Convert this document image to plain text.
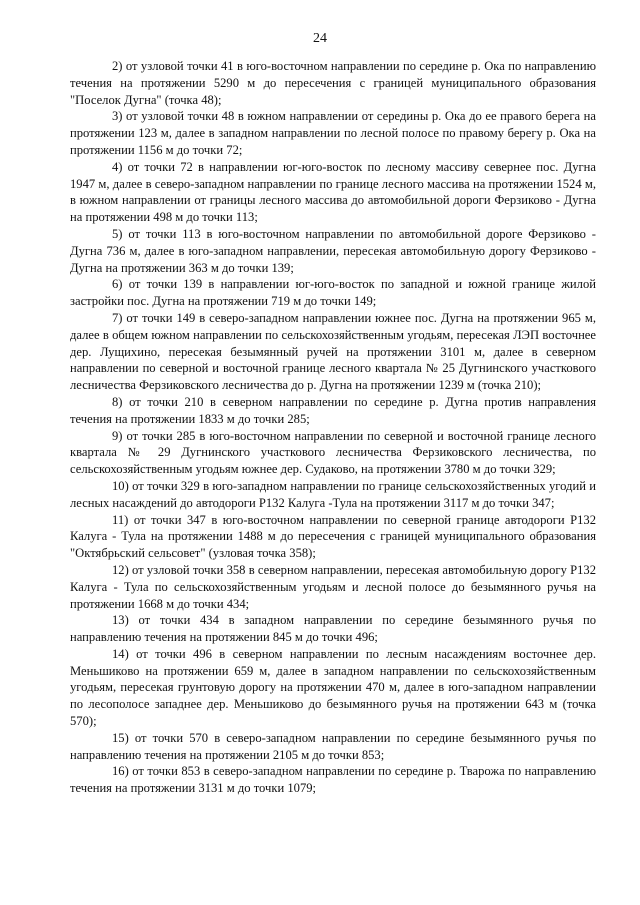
24

2) от узловой точки 41 в юго-восточном направлении по середине р. Ока по направлению течения на протяжении 5290 м до пересечения с границей муниципального образования "Поселок Дугна" (точка 48);

3) от узловой точки 48 в южном направлении от середины р. Ока до ее правого берега на протяжении 123 м, далее в западном направлении по лесной полосе по правому берегу р. Ока на протяжении 1156 м до точки 72;

4) от точки 72 в направлении юг-юго-восток по лесному массиву севернее пос. Дугна 1947 м, далее в северо-западном направлении по границе лесного массива на протяжении 1524 м, в южном направлении от границы лесного массива до автомобильной дороги Ферзиково - Дугна на протяжении 498 м до точки 113;

5) от точки 113 в юго-восточном направлении по автомобильной дороге Ферзиково - Дугна 736 м, далее в юго-западном направлении, пересекая автомобильную дорогу Ферзиково - Дугна на протяжении 363 м до точки 139;

6) от точки 139 в направлении юг-юго-восток по западной и южной границе жилой застройки пос. Дугна на протяжении 719 м до точки 149;

7) от точки 149 в северо-западном направлении южнее пос. Дугна на протяжении 965 м, далее в общем южном направлении по сельскохозяйственным угодьям, пересекая ЛЭП восточнее дер. Лущихино, пересекая безымянный ручей на протяжении 3101 м, далее в северном направлении по северной и восточной границе лесного квартала № 25 Дугнинского участкового лесничества Ферзиковского лесничества до р. Дугна на протяжении 1239 м (точка 210);

8) от точки 210 в северном направлении по середине р. Дугна против направления течения на протяжении 1833 м до точки 285;

9) от точки 285 в юго-восточном направлении по северной и восточной границе лесного квартала № 29 Дугнинского участкового лесничества Ферзиковского лесничества, по сельскохозяйственным угодьям южнее дер. Судаково, на протяжении 3780 м до точки 329;

10) от точки 329 в юго-западном направлении по границе сельскохозяйственных угодий и лесных насаждений до автодороги Р132 Калуга -Тула на протяжении 3117 м до точки 347;

11) от точки 347 в юго-восточном направлении по северной границе автодороги Р132 Калуга - Тула на протяжении 1488 м до пересечения с границей муниципального образования "Октябрьский сельсовет" (узловая точка 358);

12) от узловой точки 358 в северном направлении, пересекая автомобильную дорогу Р132 Калуга - Тула по сельскохозяйственным угодьям и лесной полосе до безымянного ручья на протяжении 1668 м до точки 434;

13) от точки 434 в западном направлении по середине безымянного ручья по направлению течения на протяжении 845 м до точки 496;

14) от точки 496 в северном направлении по лесным насаждениям восточнее дер. Меньшиково на протяжении 659 м, далее в западном направлении по сельскохозяйственным угодьям, пересекая грунтовую дорогу на протяжении 470 м, далее в юго-западном направлении по лесополосе западнее дер. Меньшиково до безымянного ручья на протяжении 643 м (точка 570);

15) от точки 570 в северо-западном направлении по середине безымянного ручья по направлению течения на протяжении 2105 м до точки 853;

16) от точки 853 в северо-западном направлении по середине р. Тварожа по направлению течения на протяжении 3131 м до точки 1079;
